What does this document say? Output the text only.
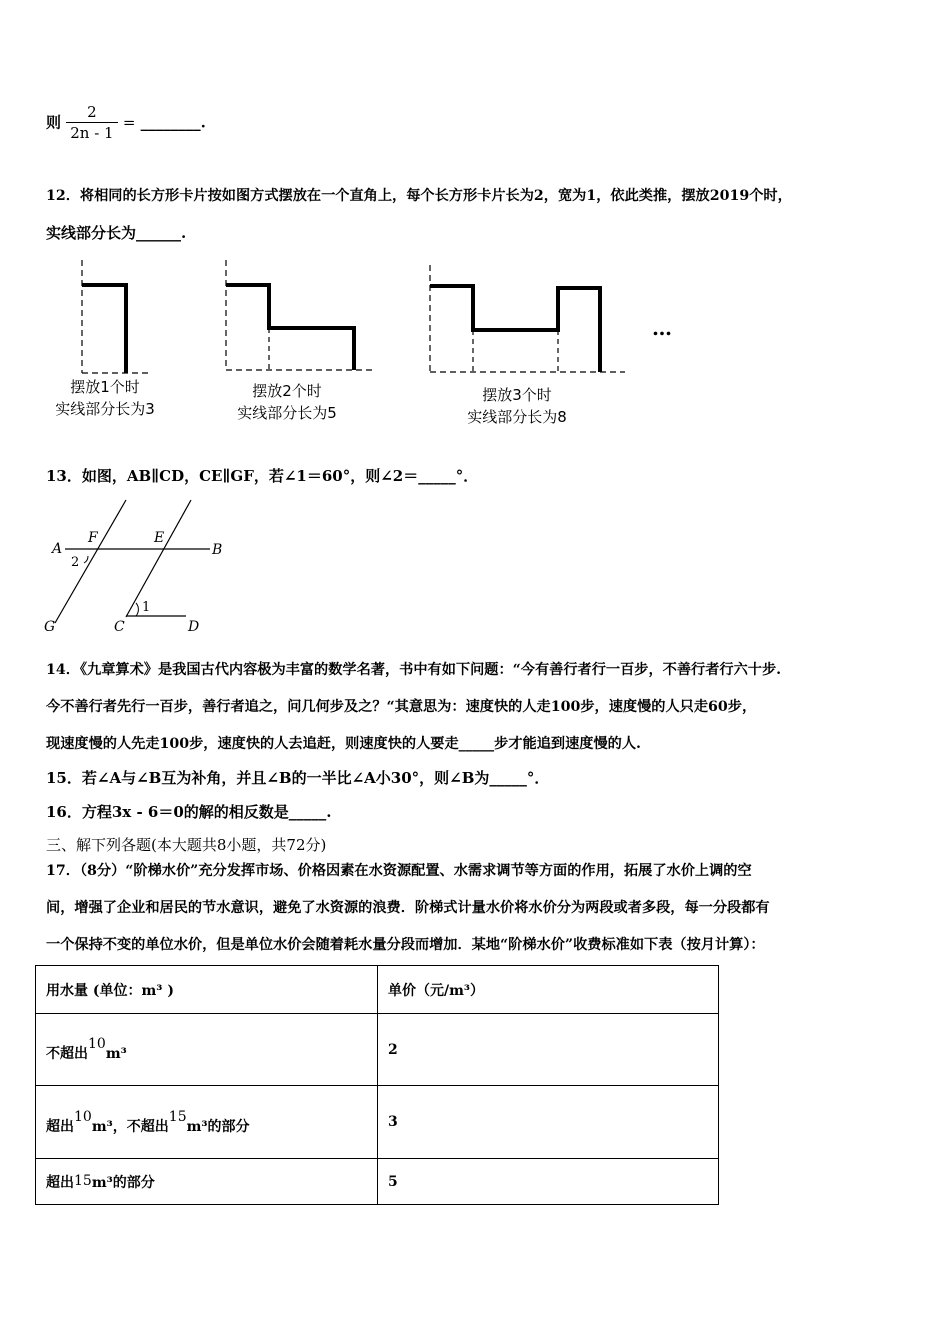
则 $\frac{2}{2n - 1}$ = ________.
12．将相同的长方形卡片按如图方式摆放在一个直角上，每个长方形卡片长为2，宽为1，依此类推，摆放2019个时，
实线部分长为______.
…
摆放1个时
实线部分长为3
摆放2个时
实线部分长为5
摆放3个时
实线部分长为8
13．如图，AB∥CD，CE∥GF，若∠1＝60°，则∠2＝_____°．
A
F	E
B
G	C	D
2
1
14．《九章算术》是我国古代内容极为丰富的数学名著，书中有如下问题：“今有善行者行一百步，不善行者行六十步.
今不善行者先行一百步，善行者追之，问几何步及之？“其意思为：速度快的人走100步，速度慢的人只走60步，
现速度慢的人先走100步，速度快的人去追赶，则速度快的人要走_____步才能追到速度慢的人.
15．若∠A与∠B互为补角，并且∠B的一半比∠A小30°，则∠B为_____°．
16．方程3x - 6＝0的解的相反数是_____.
三、解下列各题(本大题共8小题，共72分)
17．（8分）“阶梯水价”充分发挥市场、价格因素在水资源配置、水需求调节等方面的作用，拓展了水价上调的空
间，增强了企业和居民的节水意识，避免了水资源的浪费．阶梯式计量水价将水价分为两段或者多段，每一分段都有
一个保持不变的单位水价，但是单位水价会随着耗水量分段而增加．某地“阶梯水价”收费标准如下表（按月计算）：
用水量 (单位：m³ )	单价（元/m³）
不超出10m³	2
超出10m³，不超出15m³的部分	3
超出15m³的部分	5
